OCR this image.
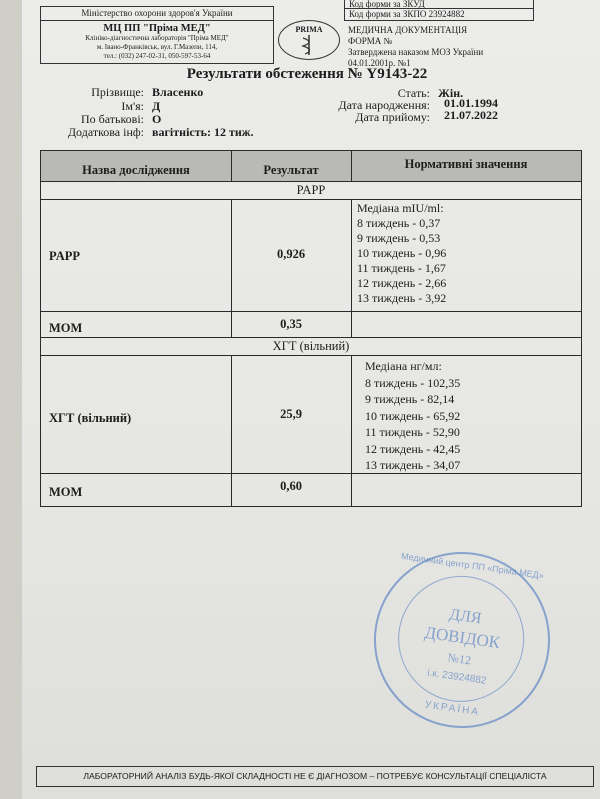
Міністерство охорони здоров'я України
МЦ ПП "Пріма МЕД"
Клініко-діагностична лабораторія "Пріма МЕД"
м. Івано-Франківськ, вул. Г.Мазепи, 114,
тел.: (032) 247-02-31, 050-597-53-64
PRIMA
Код форми за ЗКУД
Код форми за ЗКПО 23924882
МЕДИЧНА ДОКУМЕНТАЦІЯ
ФОРМА №
Затверджена наказом МОЗ України
04.01.2001р. №1
Результати обстеження № Y9143-22
Прізвище: Власенко
Ім'я: Д
По батькові: О
Додаткова інф: вагітність: 12 тиж.
Стать: Жін.
Дата народження: 01.01.1994
Дата прийому: 21.07.2022
Назва дослідження	Результат	Нормативні значення
PAPP
PAPP	0,926
Медіана mIU/ml:
8 тиждень - 0,37
9 тиждень - 0,53
10 тиждень - 0,96
11 тиждень - 1,67
12 тиждень - 2,66
13 тиждень - 3,92
MOM	0,35
ХГТ (вільний)
ХГТ (вільний)	25,9
Медіана нг/мл:
8 тиждень - 102,35
9 тиждень - 82,14
10 тиждень - 65,92
11 тиждень - 52,90
12 тиждень - 42,45
13 тиждень - 34,07
MOM	0,60
Медичний центр ПП «Пріма МЕД»
ДЛЯ
ДОВІДОК
№12
і.к. 23924882
УКРАЇНА
ЛАБОРАТОРНИЙ АНАЛІЗ БУДЬ-ЯКОЇ СКЛАДНОСТІ НЕ Є ДІАГНОЗОМ – ПОТРЕБУЄ КОНСУЛЬТАЦІЇ СПЕЦІАЛІСТА
